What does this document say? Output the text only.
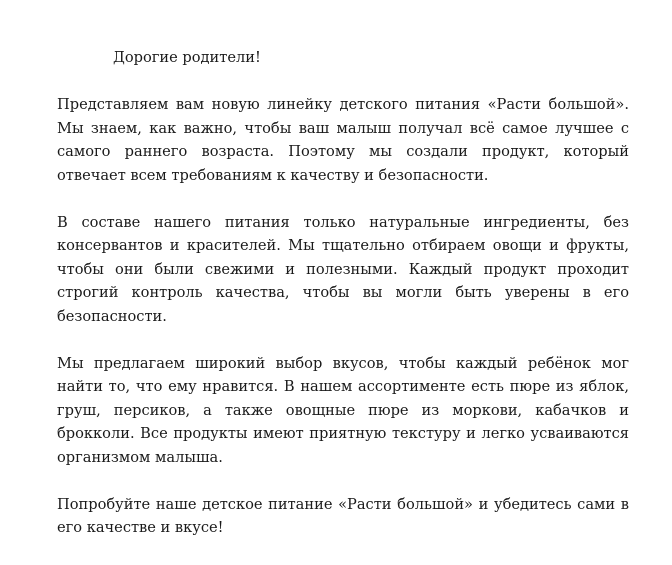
Дорогие родители!

Представляем вам новую линейку детского питания «Расти большой». Мы знаем, как важно, чтобы ваш малыш получал всё самое лучшее с самого раннего возраста. Поэтому мы создали продукт, который отвечает всем требованиям к качеству и безопасности.

В составе нашего питания только натуральные ингредиенты, без консервантов и красителей. Мы тщательно отбираем овощи и фрукты, чтобы они были свежими и полезными. Каждый продукт проходит строгий контроль качества, чтобы вы могли быть уверены в его безопасности.

Мы предлагаем широкий выбор вкусов, чтобы каждый ребёнок мог найти то, что ему нравится. В нашем ассортименте есть пюре из яблок, груш, персиков, а также овощные пюре из моркови, кабачков и брокколи. Все продукты имеют приятную текстуру и легко усваиваются организмом малыша.

Попробуйте наше детское питание «Расти большой» и убедитесь сами в его качестве и вкусе!
